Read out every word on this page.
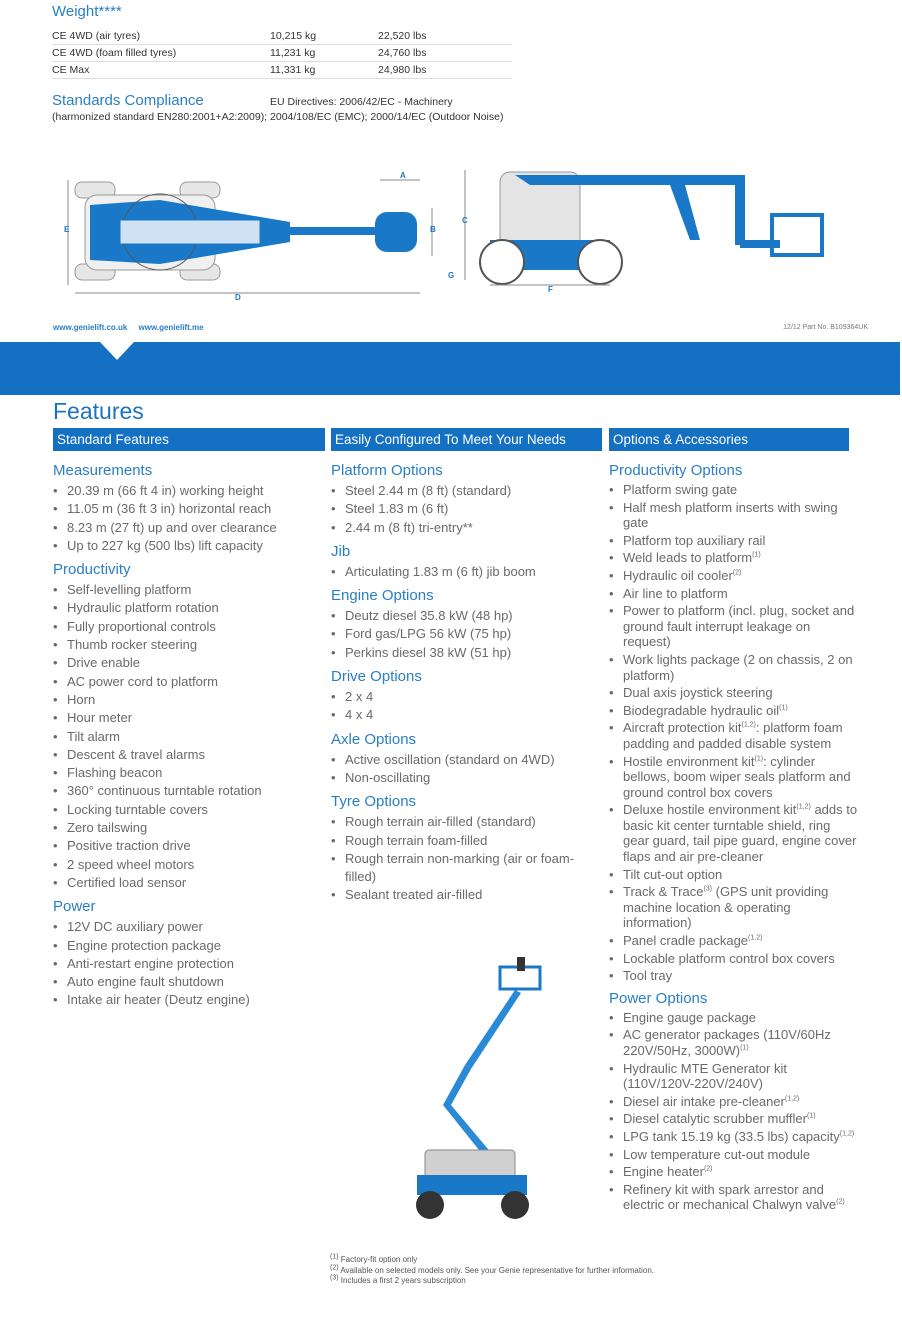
Weight****
CE 4WD (air tyres)	10,215 kg	22,520 lbs
CE 4WD (foam filled tyres)	11,231 kg	24,760 lbs
CE Max	11,331 kg	24,980 lbs
Standards Compliance	EU Directives: 2006/42/EC - Machinery
(harmonized standard EN280:2001+A2:2009); 2004/108/EC (EMC); 2000/14/EC (Outdoor Noise)
E
A
B
C
D
F
G
www.genielift.co.uk     www.genielift.me	12/12 Part No. B109364UK
Features
Standard Features	Easily Configured To Meet Your Needs	Options & Accessories
Measurements
• 20.39 m (66 ft 4 in) working height
• 11.05 m (36 ft 3 in) horizontal reach
• 8.23 m (27 ft) up and over clearance
• Up to 227 kg (500 lbs) lift capacity
Productivity
• Self-levelling platform
• Hydraulic platform rotation
• Fully proportional controls
• Thumb rocker steering
• Drive enable
• AC power cord to platform
• Horn
• Hour meter
• Tilt alarm
• Descent & travel alarms
• Flashing beacon
• 360° continuous turntable rotation
• Locking turntable covers
• Zero tailswing
• Positive traction drive
• 2 speed wheel motors
• Certified load sensor
Power
• 12V DC auxiliary power
• Engine protection package
• Anti-restart engine protection
• Auto engine fault shutdown
• Intake air heater (Deutz engine)
Platform Options
• Steel 2.44 m (8 ft) (standard)
• Steel 1.83 m (6 ft)
• 2.44 m (8 ft) tri-entry**
Jib
• Articulating 1.83 m (6 ft) jib boom
Engine Options
• Deutz diesel 35.8 kW (48 hp)
• Ford gas/LPG 56 kW (75 hp)
• Perkins diesel 38 kW (51 hp)
Drive Options
• 2 x 4
• 4 x 4
Axle Options
• Active oscillation (standard on 4WD)
• Non-oscillating
Tyre Options
• Rough terrain air-filled (standard)
• Rough terrain foam-filled
• Rough terrain non-marking (air or foam-filled)
• Sealant treated air-filled
Productivity Options
• Platform swing gate
• Half mesh platform inserts with swing gate
• Platform top auxiliary rail
• Weld leads to platform$^{(1)}$
• Hydraulic oil cooler$^{(2)}$
• Air line to platform
• Power to platform (incl. plug, socket and ground fault interrupt leakage on request)
• Work lights package (2 on chassis, 2 on platform)
• Dual axis joystick steering
• Biodegradable hydraulic oil$^{(1)}$
• Aircraft protection kit$^{(1,2)}$: platform foam padding and padded disable system
• Hostile environment kit$^{(1)}$: cylinder bellows, boom wiper seals platform and ground control box covers
• Deluxe hostile environment kit$^{(1,2)}$ adds to basic kit center turntable shield, ring gear guard, tail pipe guard, engine cover flaps and air pre-cleaner
• Tilt cut-out option
• Track & Trace$^{(3)}$ (GPS unit providing machine location & operating information)
• Panel cradle package$^{(1,2)}$
• Lockable platform control box covers
• Tool tray
Power Options
• Engine gauge package
• AC generator packages (110V/60Hz 220V/50Hz, 3000W)$^{(1)}$
• Hydraulic MTE Generator kit (110V/120V-220V/240V)
• Diesel air intake pre-cleaner$^{(1,2)}$
• Diesel catalytic scrubber muffler$^{(1)}$
• LPG tank 15.19 kg (33.5 lbs) capacity$^{(1,2)}$
• Low temperature cut-out module
• Engine heater$^{(2)}$
• Refinery kit with spark arrestor and electric or mechanical Chalwyn valve$^{(2)}$
$^{(1)}$ Factory-fit option only
$^{(2)}$ Available on selected models only. See your Genie representative for further information.
$^{(3)}$ Includes a first 2 years subscription
